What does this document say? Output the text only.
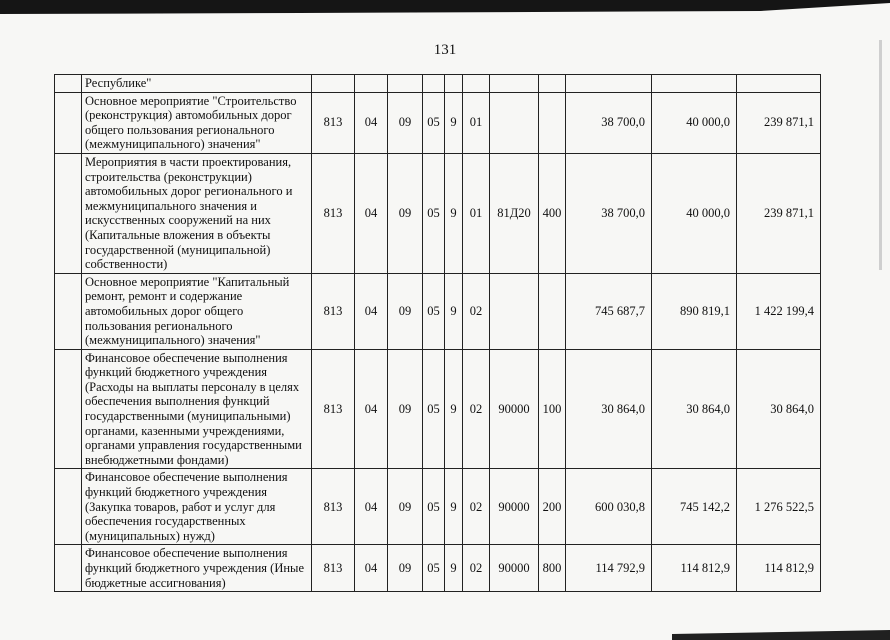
131
	Республике"											
	Основное мероприятие "Строительство (реконструкция) автомобильных дорог общего пользования регионального (межмуниципального) значения"	813	04	09	05	9	01			38 700,0	40 000,0	239 871,1
	Мероприятия в части проектирования, строительства (реконструкции) автомобильных дорог регионального и межмуниципального значения и искусственных сооружений на них (Капитальные вложения в объекты государственной (муниципальной) собственности)	813	04	09	05	9	01	81Д20	400	38 700,0	40 000,0	239 871,1
	Основное мероприятие "Капитальный ремонт, ремонт и содержание автомобильных дорог общего пользования регионального (межмуниципального) значения"	813	04	09	05	9	02			745 687,7	890 819,1	1 422 199,4
	Финансовое обеспечение выполнения функций бюджетного учреждения (Расходы на выплаты персоналу в целях обеспечения выполнения функций государственными (муниципальными) органами, казенными учреждениями, органами управления государственными внебюджетными фондами)	813	04	09	05	9	02	90000	100	30 864,0	30 864,0	30 864,0
	Финансовое обеспечение выполнения функций бюджетного учреждения (Закупка товаров, работ и услуг для обеспечения государственных (муниципальных) нужд)	813	04	09	05	9	02	90000	200	600 030,8	745 142,2	1 276 522,5
	Финансовое обеспечение выполнения функций бюджетного учреждения (Иные бюджетные ассигнования)	813	04	09	05	9	02	90000	800	114 792,9	114 812,9	114 812,9
